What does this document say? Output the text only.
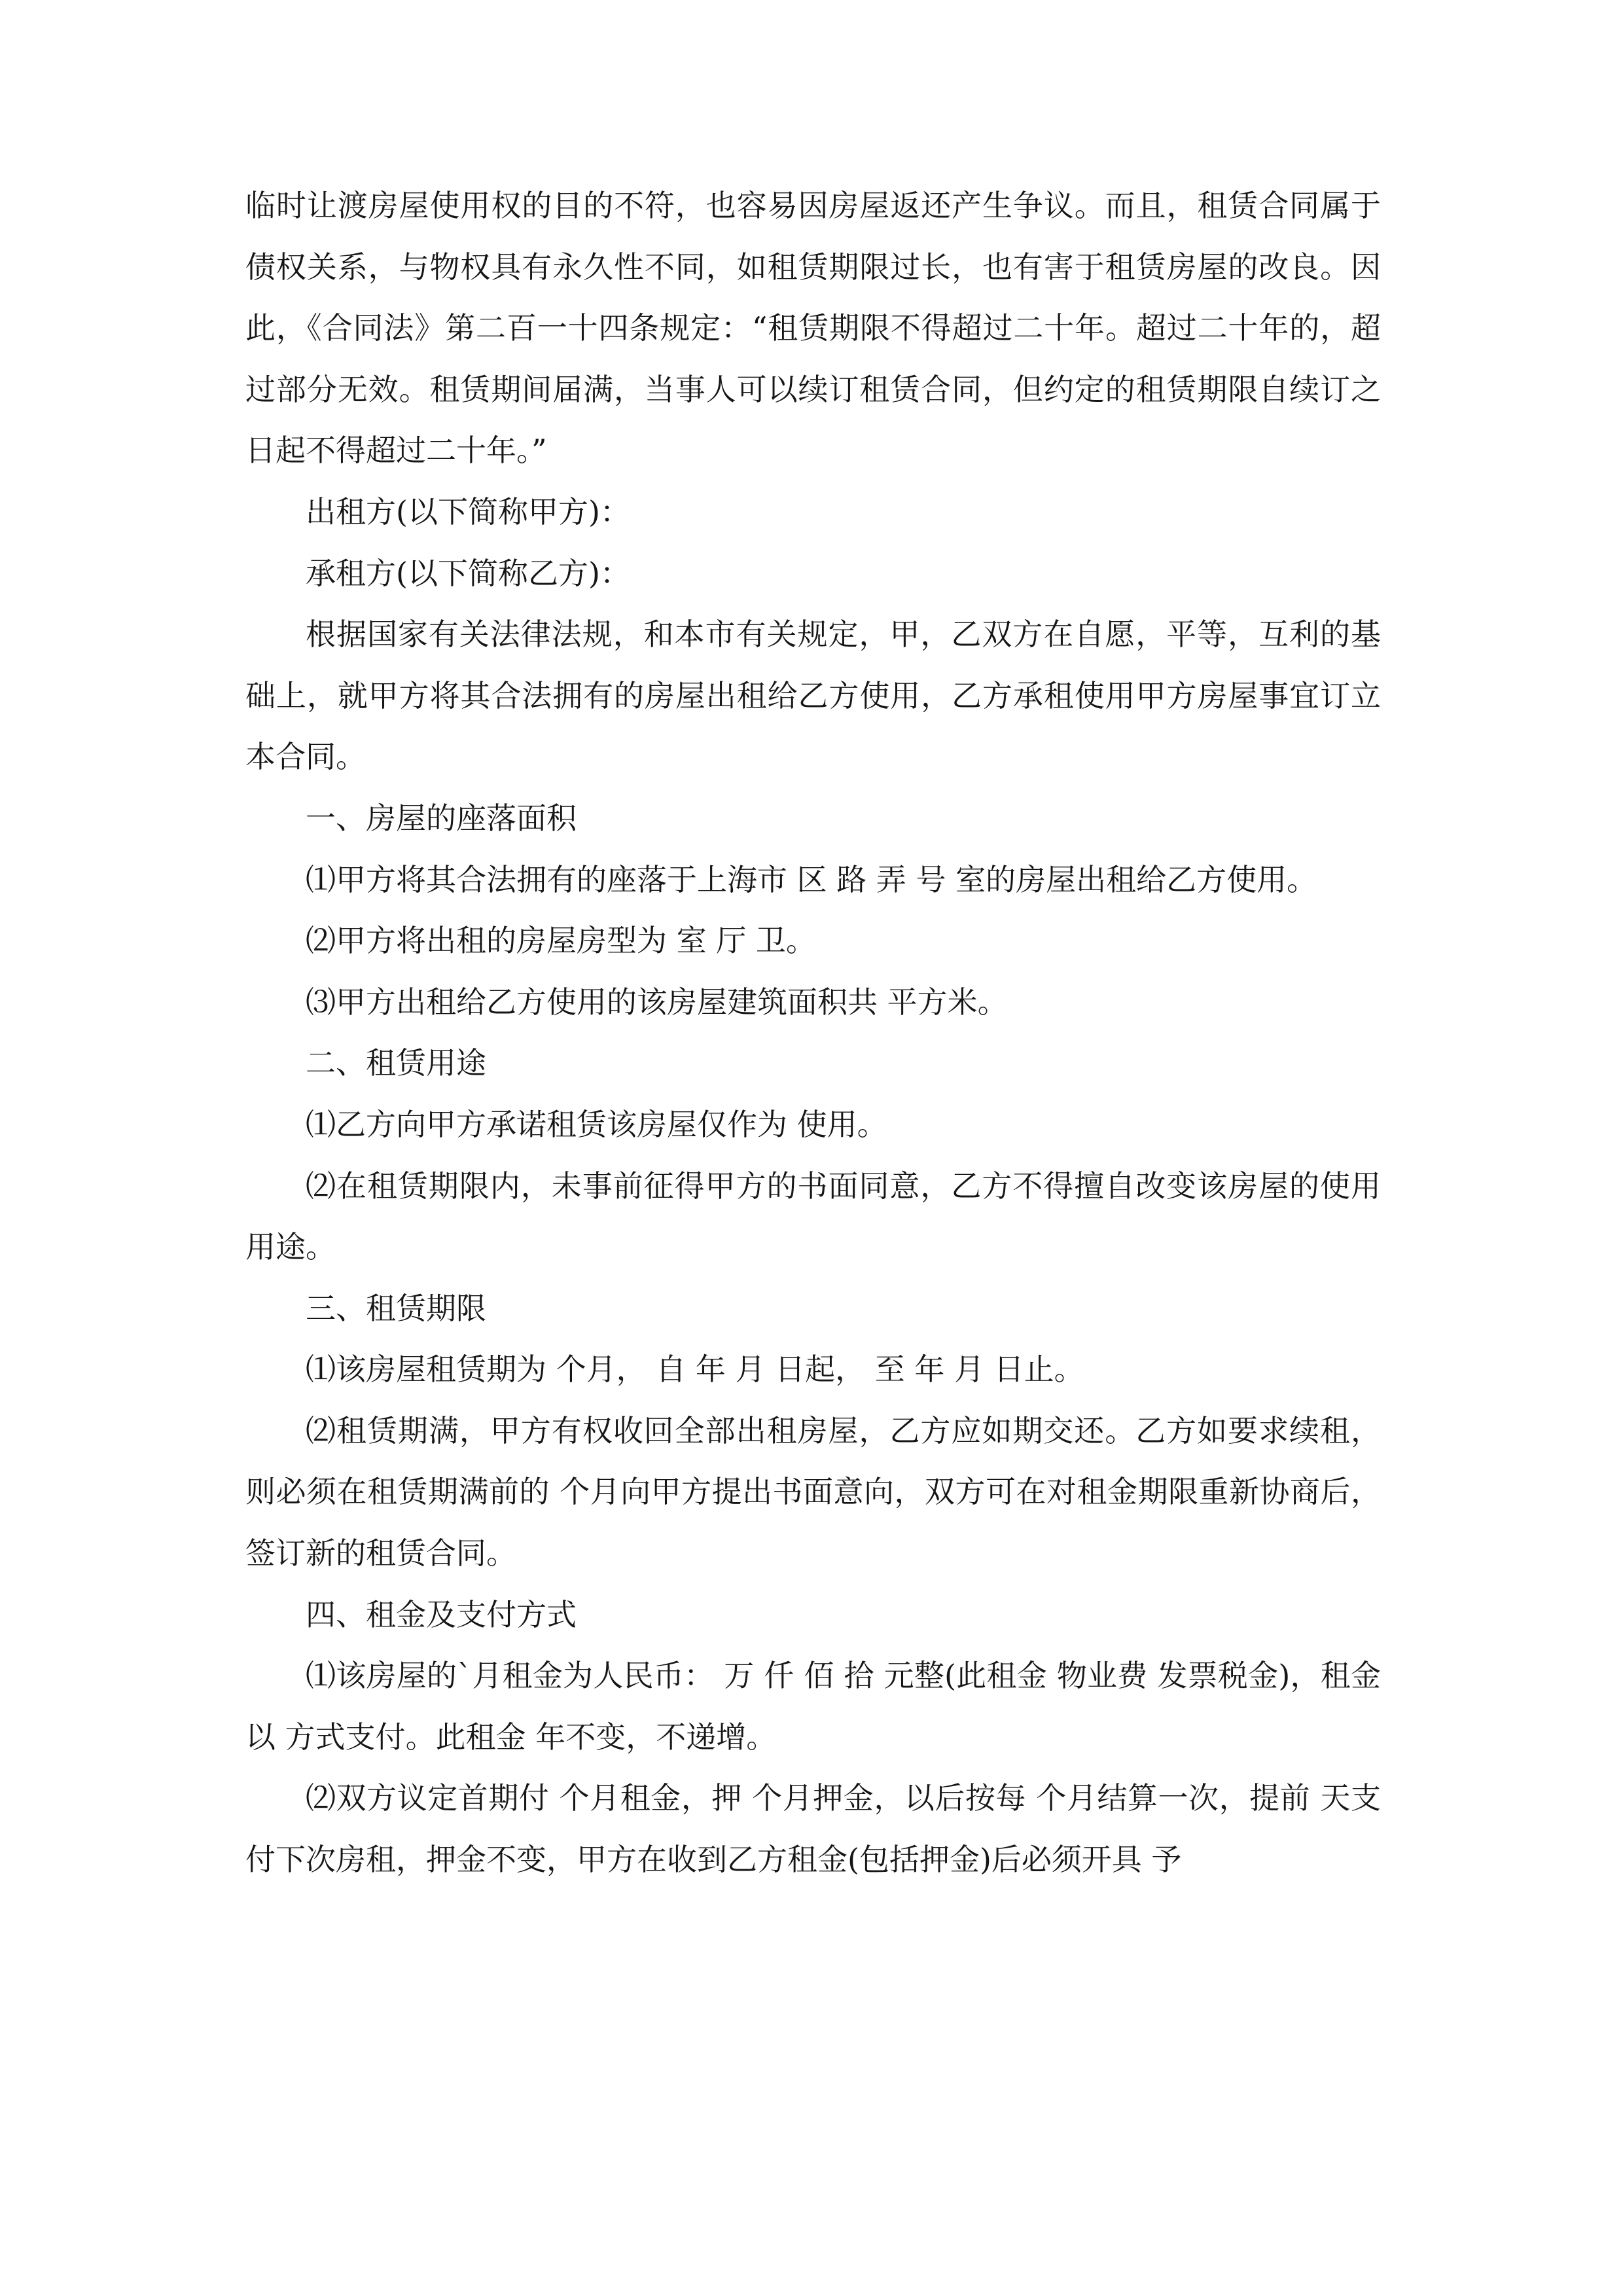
临时让渡房屋使用权的目的不符，也容易因房屋返还产生争议。而且，租赁合同属于债权关系，与物权具有永久性不同，如租赁期限过长，也有害于租赁房屋的改良。因此，《合同法》第二百一十四条规定：“租赁期限不得超过二十年。超过二十年的，超过部分无效。租赁期间届满，当事人可以续订租赁合同，但约定的租赁期限自续订之日起不得超过二十年。”

出租方(以下简称甲方)：

承租方(以下简称乙方)：

根据国家有关法律法规，和本市有关规定，甲，乙双方在自愿，平等，互利的基础上，就甲方将其合法拥有的房屋出租给乙方使用，乙方承租使用甲方房屋事宜订立本合同。

一、房屋的座落面积

⑴甲方将其合法拥有的座落于上海市 区 路 弄 号 室的房屋出租给乙方使用。

⑵甲方将出租的房屋房型为 室 厅 卫。

⑶甲方出租给乙方使用的该房屋建筑面积共 平方米。

二、租赁用途

⑴乙方向甲方承诺租赁该房屋仅作为 使用。

⑵在租赁期限内，未事前征得甲方的书面同意，乙方不得擅自改变该房屋的使用用途。

三、租赁期限

⑴该房屋租赁期为 个月， 自 年 月 日起， 至 年 月 日止。

⑵租赁期满，甲方有权收回全部出租房屋，乙方应如期交还。乙方如要求续租，则必须在租赁期满前的 个月向甲方提出书面意向，双方可在对租金期限重新协商后，签订新的租赁合同。

四、租金及支付方式

⑴该房屋的`月租金为人民币： 万 仟 佰 拾 元整(此租金 物业费 发票税金)，租金以 方式支付。此租金 年不变，不递增。

⑵双方议定首期付 个月租金，押 个月押金，以后按每 个月结算一次，提前 天支付下次房租，押金不变，甲方在收到乙方租金(包括押金)后必须开具 予
